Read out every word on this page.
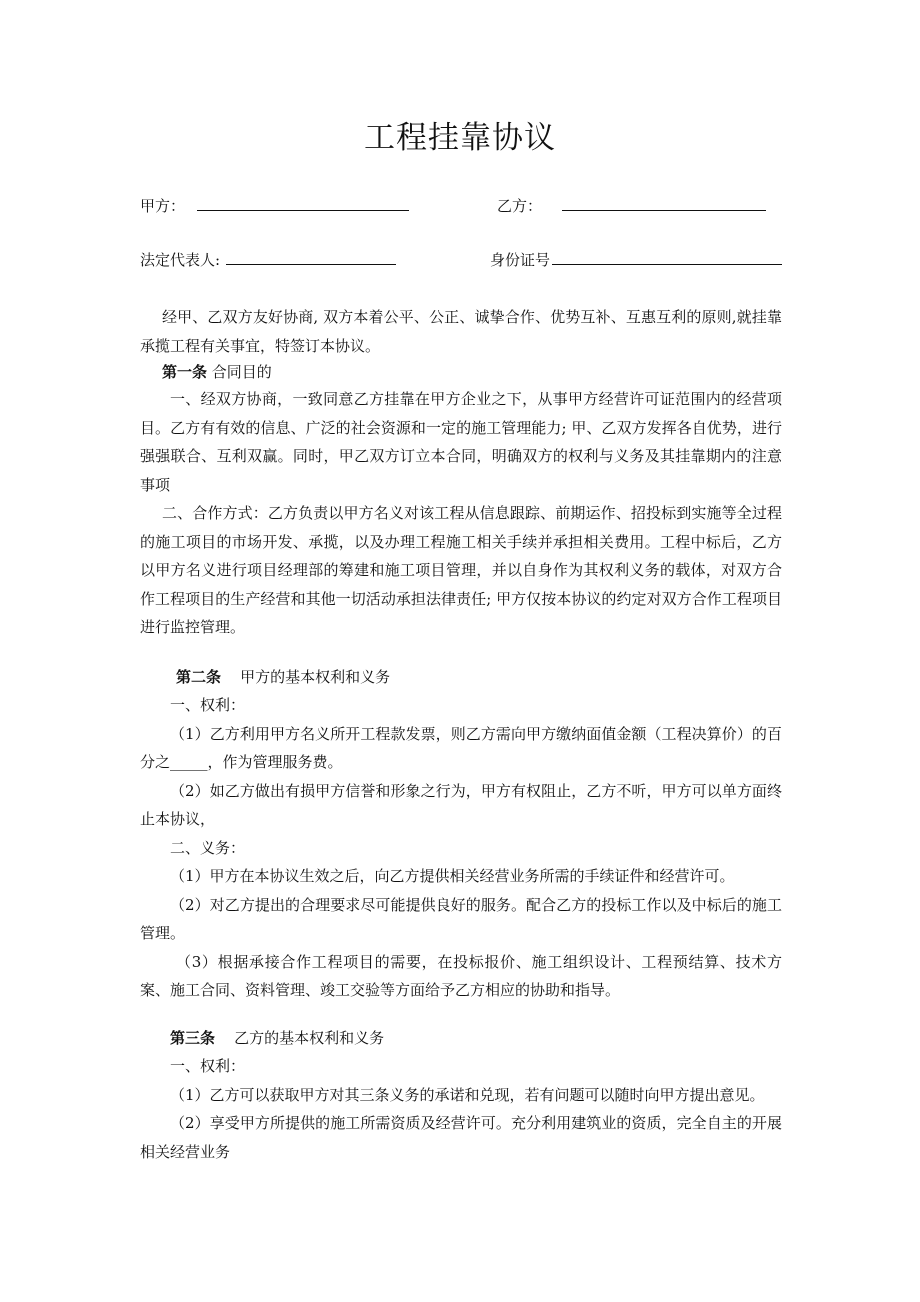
工程挂靠协议
甲方：	乙方：
法定代表人:	身份证号

经甲、乙双方友好协商, 双方本着公平、公正、诚挚合作、优势互补、互惠互利的原则,就挂靠承揽工程有关事宜，特签订本协议。

第一条 合同目的

一、经双方协商，一致同意乙方挂靠在甲方企业之下，从事甲方经营许可证范围内的经营项目。乙方有有效的信息、广泛的社会资源和一定的施工管理能力; 甲、乙双方发挥各自优势，进行强强联合、互利双赢。同时，甲乙双方订立本合同，明确双方的权利与义务及其挂靠期内的注意事项

二、合作方式：乙方负责以甲方名义对该工程从信息跟踪、前期运作、招投标到实施等全过程的施工项目的市场开发、承揽，以及办理工程施工相关手续并承担相关费用。工程中标后，乙方以甲方名义进行项目经理部的筹建和施工项目管理，并以自身作为其权利义务的载体，对双方合作工程项目的生产经营和其他一切活动承担法律责任; 甲方仅按本协议的约定对双方合作工程项目进行监控管理。

第二条 甲方的基本权利和义务

一、权利：

（1）乙方利用甲方名义所开工程款发票，则乙方需向甲方缴纳面值金额（工程决算价）的百分之_____，作为管理服务费。

（2）如乙方做出有损甲方信誉和形象之行为，甲方有权阻止，乙方不听，甲方可以单方面终止本协议，

二、义务：

（1）甲方在本协议生效之后，向乙方提供相关经营业务所需的手续证件和经营许可。

（2）对乙方提出的合理要求尽可能提供良好的服务。配合乙方的投标工作以及中标后的施工管理。

（3）根据承接合作工程项目的需要，在投标报价、施工组织设计、工程预结算、技术方案、施工合同、资料管理、竣工交验等方面给予乙方相应的协助和指导。

第三条 乙方的基本权利和义务

一、权利：

（1）乙方可以获取甲方对其三条义务的承诺和兑现，若有问题可以随时向甲方提出意见。

（2）享受甲方所提供的施工所需资质及经营许可。充分利用建筑业的资质，完全自主的开展相关经营业务
